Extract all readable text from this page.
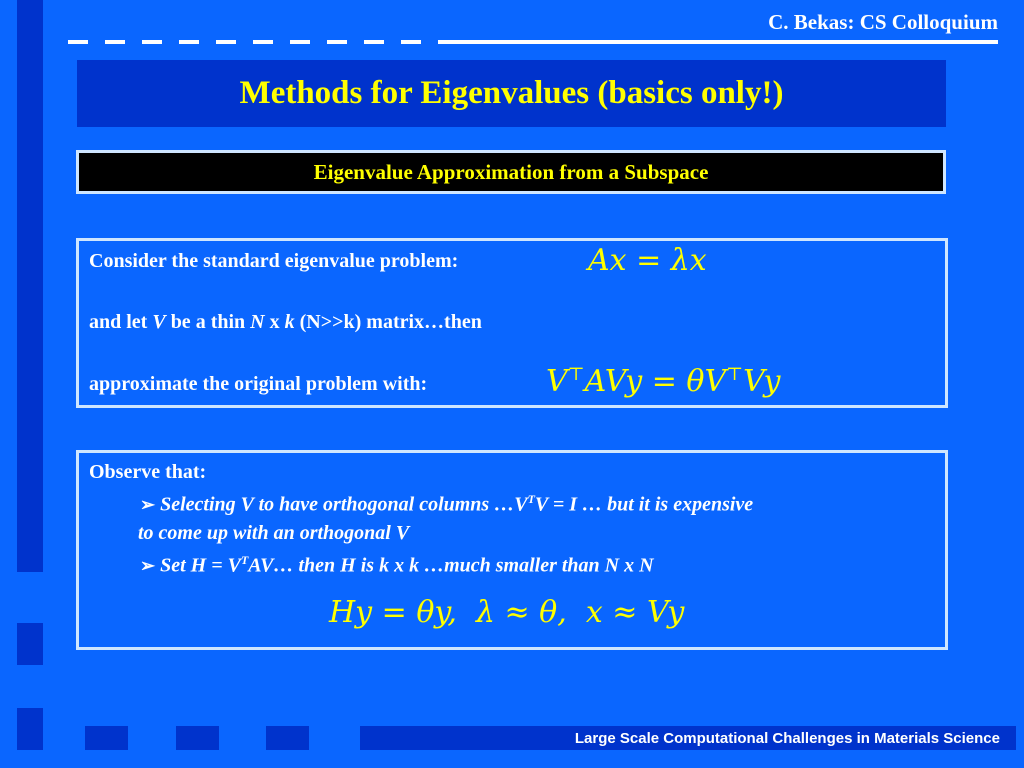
C. Bekas: CS Colloquium
Methods for Eigenvalues (basics only!)
Eigenvalue Approximation from a Subspace
Consider the standard eigenvalue problem:	Ax = λx
and let V be a thin N x k (N>>k) matrix…then
approximate the original problem with:	V⊤AVy = θV⊤Vy
Observe that:
➢ Selecting V to have orthogonal columns $\dots V^TV = I$ … but it is expensive
to come up with an orthogonal V
➢ Set $H = V^TAV\dots$ then H is k x k …much smaller than N x N
Hy = θy,  λ ≈ θ,  x ≈ Vy
Large Scale Computational Challenges in Materials Science
